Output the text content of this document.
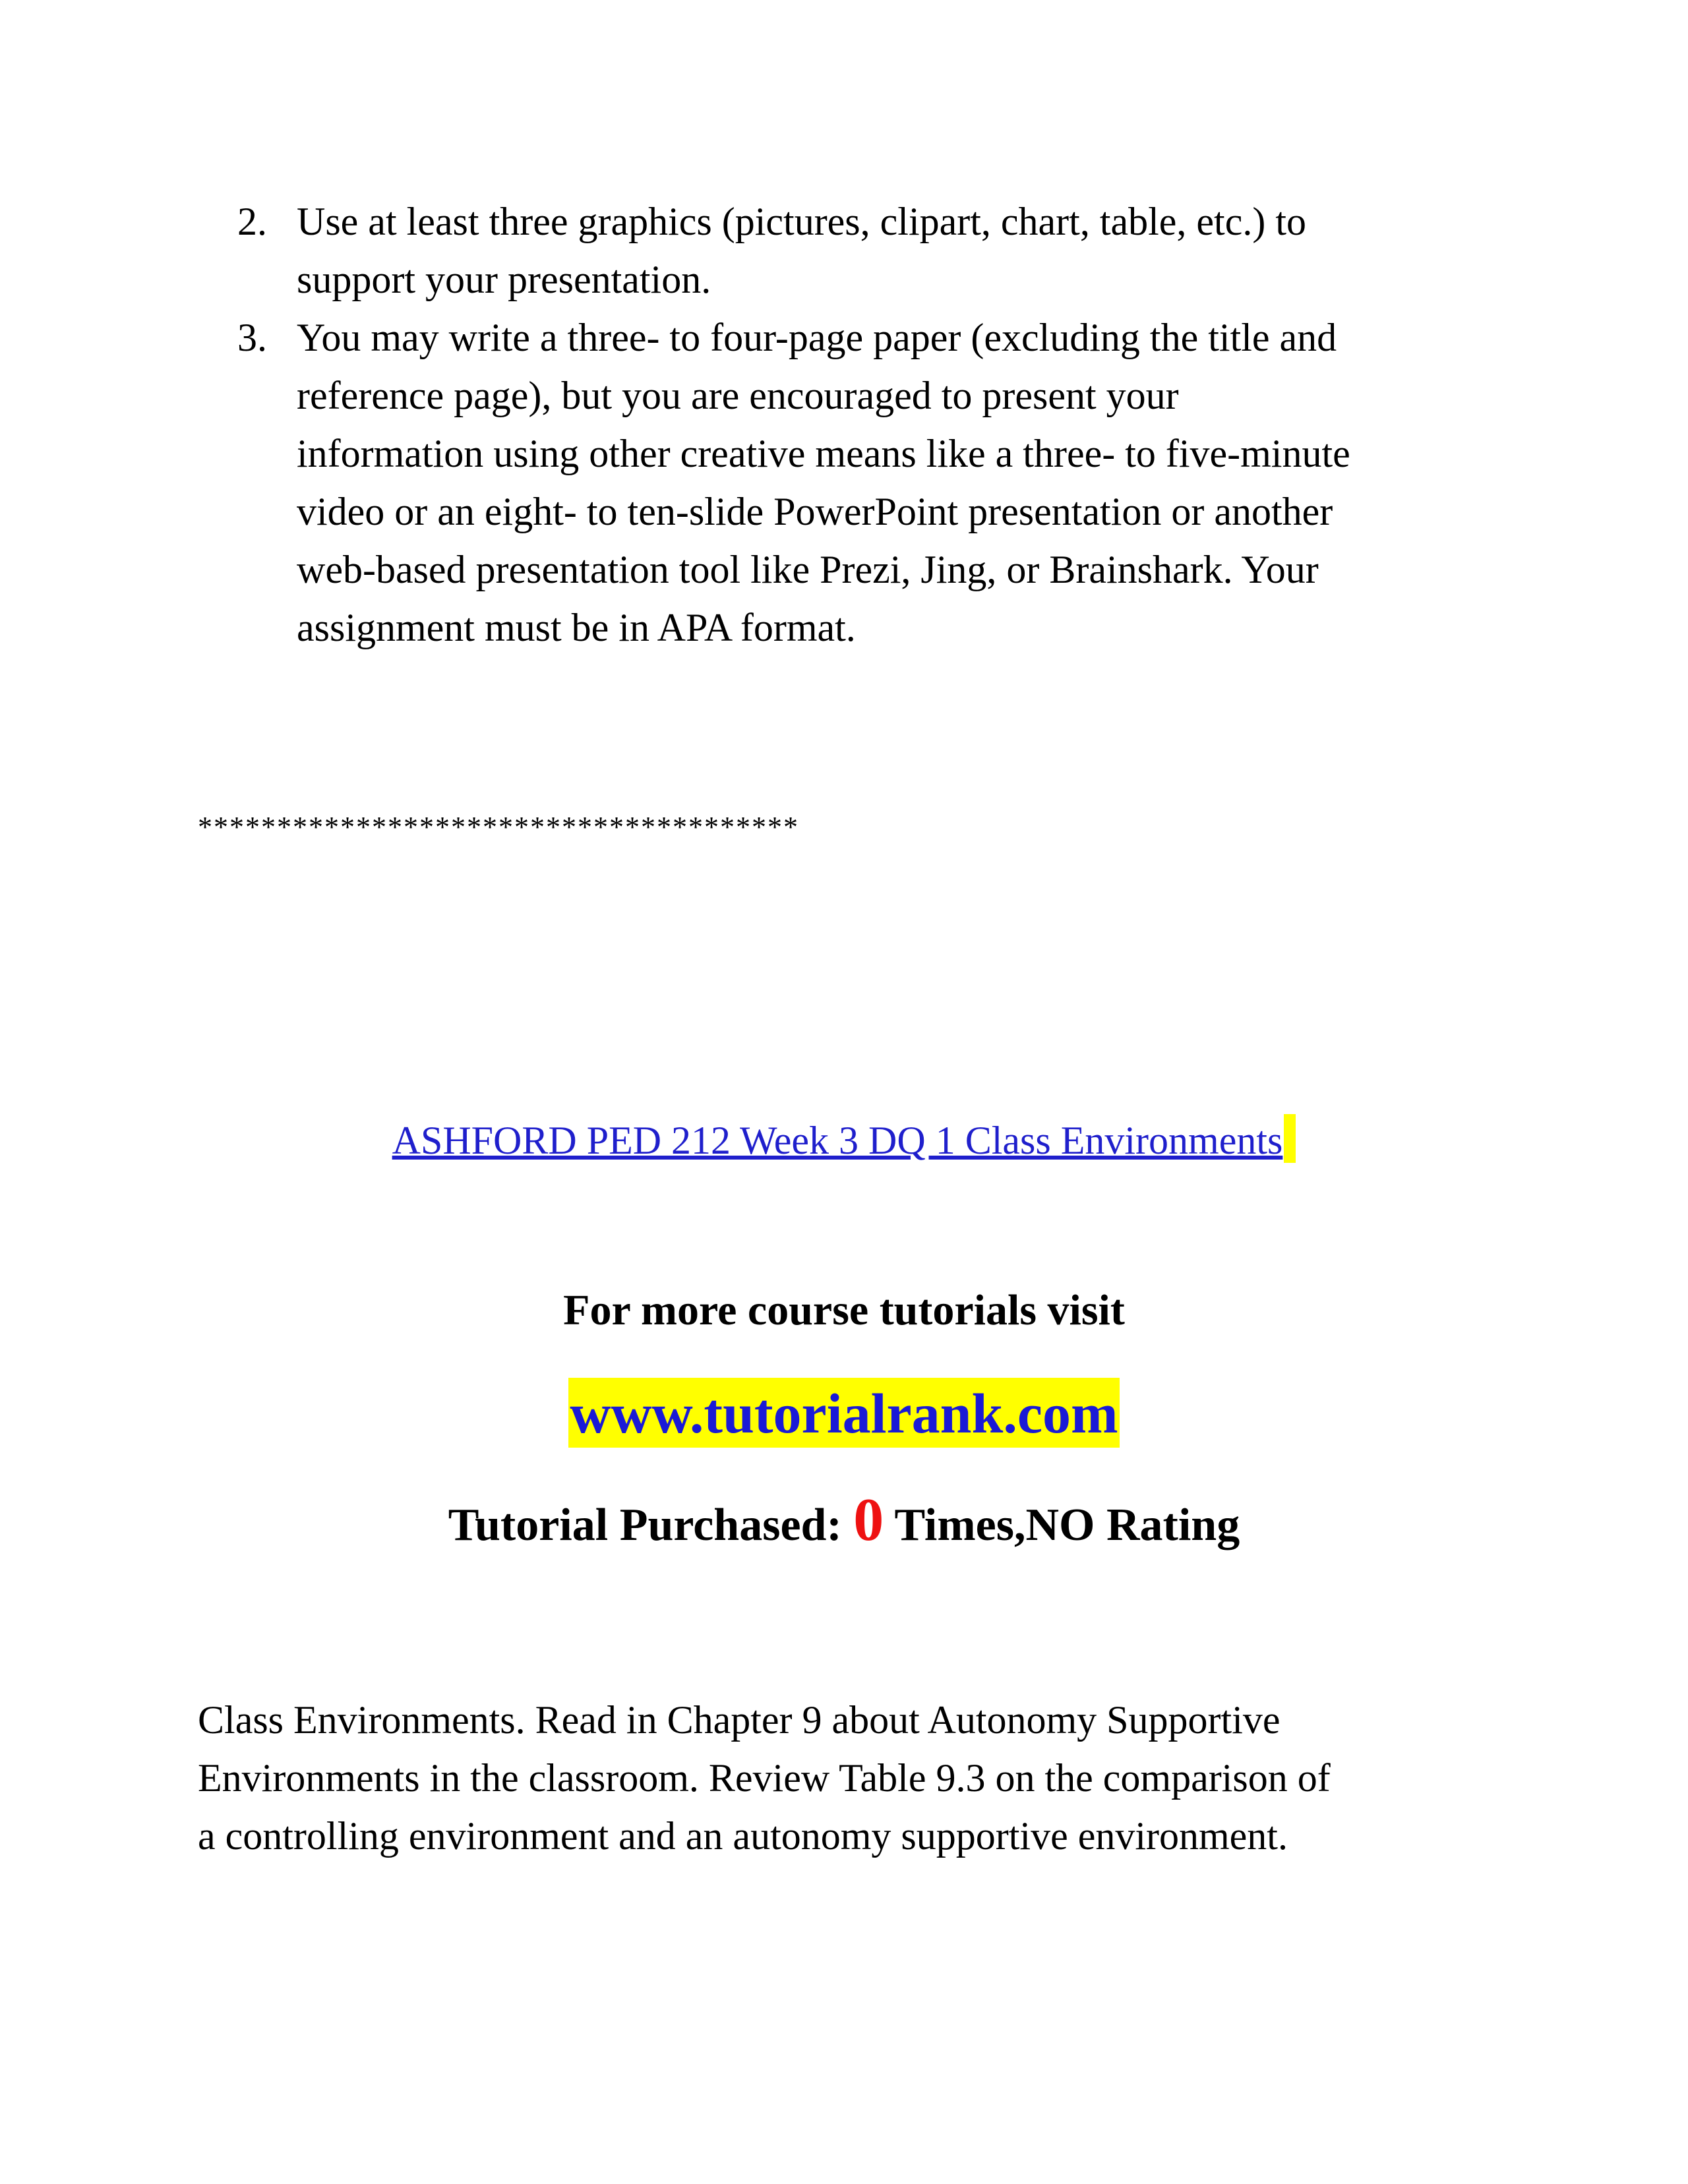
2. Use at least three graphics (pictures, clipart, chart, table, etc.) to
support your presentation.
3. You may write a three- to four-page paper (excluding the title and
reference page), but you are encouraged to present your
information using other creative means like a three- to five-minute
video or an eight- to ten-slide PowerPoint presentation or another
web-based presentation tool like Prezi, Jing, or Brainshark. Your
assignment must be in APA format.
**************************************
ASHFORD PED 212 Week 3 DQ 1 Class Environments
For more course tutorials visit
www.tutorialrank.com
Tutorial Purchased: 0 Times,NO Rating

Class Environments. Read in Chapter 9 about Autonomy Supportive
Environments in the classroom. Review Table 9.3 on the comparison of
a controlling environment and an autonomy supportive environment.
